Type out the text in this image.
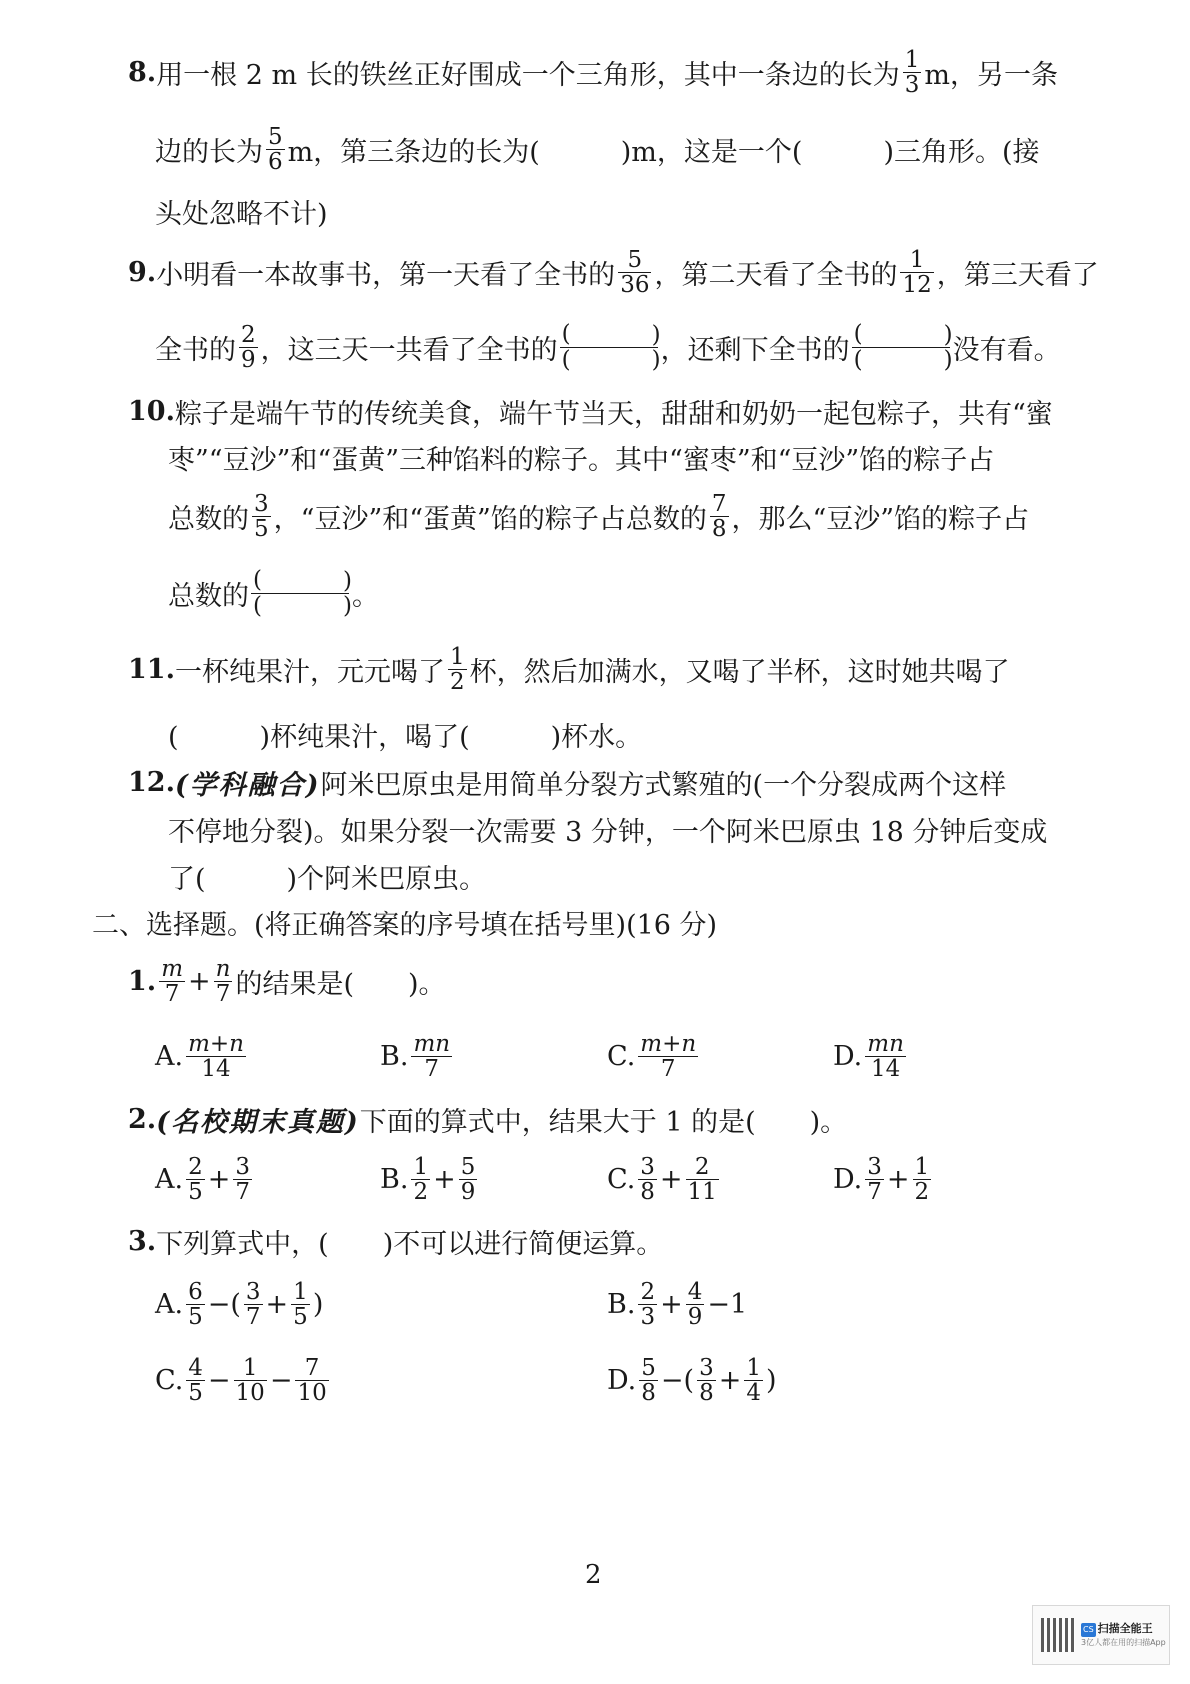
8. 用一根 2 m 长的铁丝正好围成一个三角形，其中一条边的长为 $\frac{1}{3}$ m，另一条
边的长为 $\frac{5}{6}$ m，第三条边的长为(　　　)m，这是一个(　　　)三角形。(接
头处忽略不计)
9. 小明看一本故事书，第一天看了全书的 $\frac{5}{36}$ ，第二天看了全书的 $\frac{1}{12}$ ，第三天看了
全书的 $\frac{2}{9}$ ，这三天一共看了全书的
(
(
)
) ，还剩下全书的
(
(
)
) 没有看。
10. 粽子是端午节的传统美食，端午节当天，甜甜和奶奶一起包粽子，共有“蜜
枣”“豆沙”和“蛋黄”三种馅料的粽子。其中“蜜枣”和“豆沙”馅的粽子占
总数的 $\frac{3}{5}$ ，“豆沙”和“蛋黄”馅的粽子占总数的 $\frac{7}{8}$ ，那么“豆沙”馅的粽子占
总数的
(
(
)
) 。
11. 一杯纯果汁，元元喝了 $\frac{1}{2}$ 杯，然后加满水，又喝了半杯，这时她共喝了
(　　　)杯纯果汁，喝了(　　　)杯水。
12. (学科融合) 阿米巴原虫是用简单分裂方式繁殖的(一个分裂成两个这样
不停地分裂)。如果分裂一次需要 3 分钟，一个阿米巴原虫 18 分钟后变成
了(　　　)个阿米巴原虫。
二、选择题。(将正确答案的序号填在括号里)(16 分)
1. $\frac{m}{7} + \frac{n}{7}$ 的结果是(　　)。
A. $\frac{m+n}{14}$	B. $\frac{mn}{7}$	C. $\frac{m+n}{7}$	D. $\frac{mn}{14}$
2. (名校期末真题) 下面的算式中，结果大于 1 的是(　　)。
A. $\frac{2}{5} + \frac{3}{7}$	B. $\frac{1}{2} + \frac{5}{9}$	C. $\frac{3}{8} + \frac{2}{11}$	D. $\frac{3}{7} + \frac{1}{2}$
3. 下列算式中，(　　)不可以进行简便运算。
A. $\frac{6}{5}$ −( $\frac{3}{7} + \frac{1}{5}$ )	B. $\frac{2}{3} + \frac{4}{9} -1$
C. $\frac{4}{5} - \frac{1}{10} - \frac{7}{10}$	D. $\frac{5}{8}$ −( $\frac{3}{8} + \frac{1}{4}$ )
2
CS 扫描全能王
3亿人都在用的扫描App
